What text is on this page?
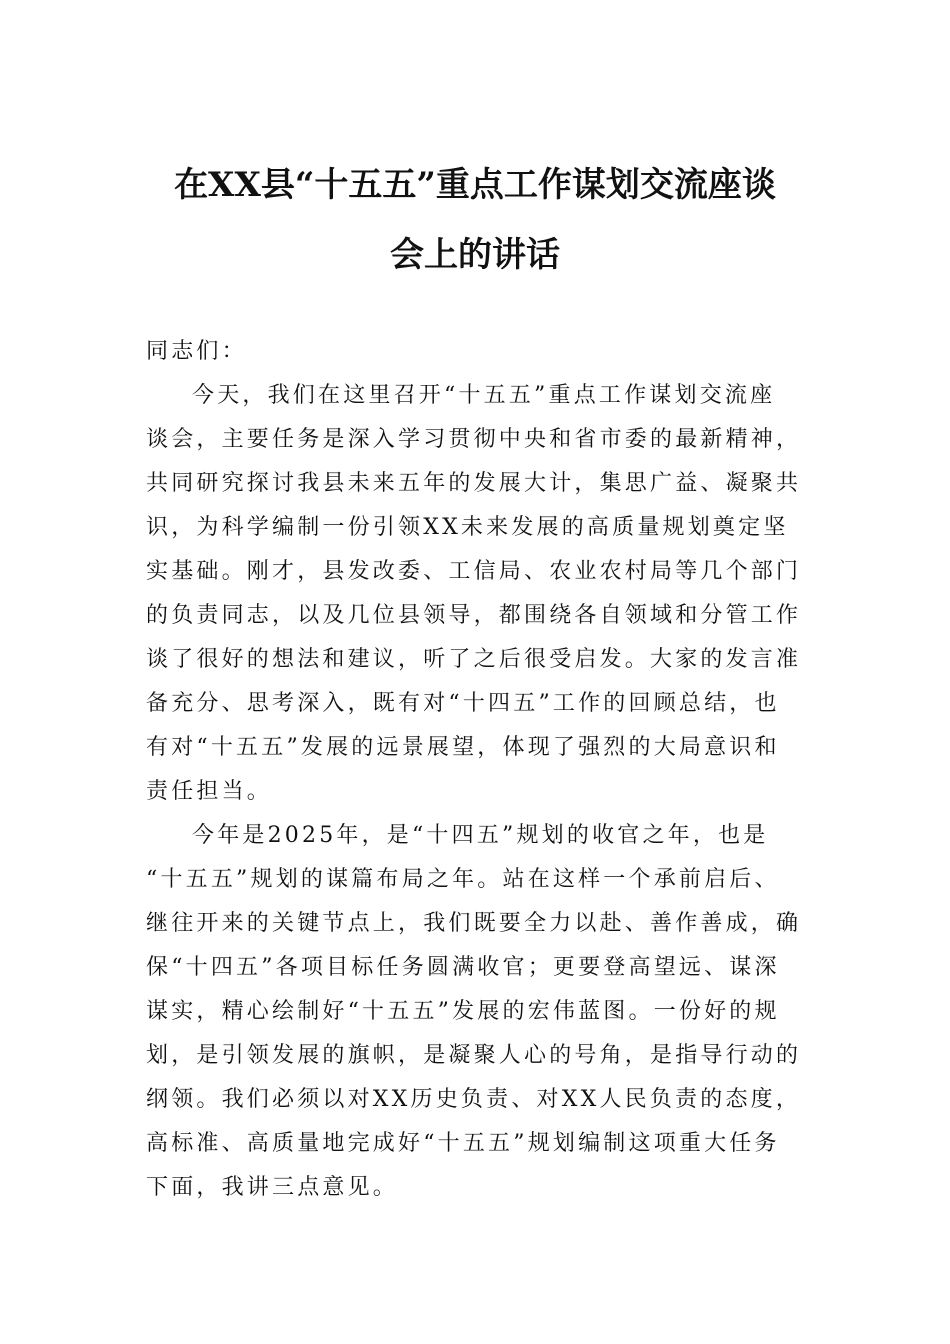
在XX县“十五五”重点工作谋划交流座谈
会上的讲话
同志们：
今天，我们在这里召开“十五五”重点工作谋划交流座
谈会，主要任务是深入学习贯彻中央和省市委的最新精神，
共同研究探讨我县未来五年的发展大计，集思广益、凝聚共
识，为科学编制一份引领XX未来发展的高质量规划奠定坚
实基础。刚才，县发改委、工信局、农业农村局等几个部门
的负责同志，以及几位县领导，都围绕各自领域和分管工作
谈了很好的想法和建议，听了之后很受启发。大家的发言准
备充分、思考深入，既有对“十四五”工作的回顾总结，也
有对“十五五”发展的远景展望，体现了强烈的大局意识和
责任担当。
今年是2025年，是“十四五”规划的收官之年，也是
“十五五”规划的谋篇布局之年。站在这样一个承前启后、
继往开来的关键节点上，我们既要全力以赴、善作善成，确
保“十四五”各项目标任务圆满收官；更要登高望远、谋深
谋实，精心绘制好“十五五”发展的宏伟蓝图。一份好的规
划，是引领发展的旗帜，是凝聚人心的号角，是指导行动的
纲领。我们必须以对XX历史负责、对XX人民负责的态度，
高标准、高质量地完成好“十五五”规划编制这项重大任务
下面，我讲三点意见。
